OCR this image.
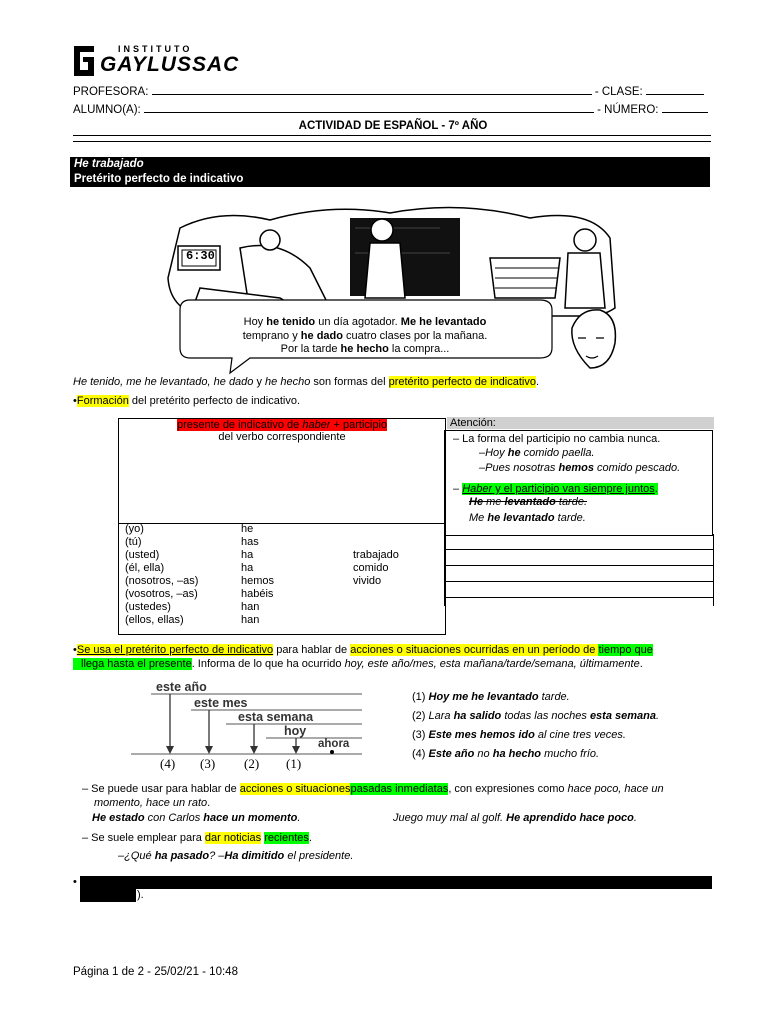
INSTITUTO
GAYLUSSAC
PROFESORA:	- CLASE:
ALUMNO(A):	- NÚMERO:
ACTIVIDAD DE ESPAÑOL - 7º AÑO
He trabajado
Pretérito perfecto de indicativo
6:30
Hoy he tenido un día agotador. Me he levantado
temprano y he dado cuatro clases por la mañana.
Por la tarde he hecho la compra...
He tenido, me he levantado, he dado y he hecho son formas del pretérito perfecto de indicativo.
•Formación del pretérito perfecto de indicativo.
presente de indicativo de haber + participio
del verbo correspondiente
(yo)	he	
(tú)	has	
(usted)	ha	trabajado
(él, ella)	ha	comido
(nosotros, –as)	hemos	vivido
(vosotros, –as)	habéis	
(ustedes)	han	
(ellos, ellas)	han	
Atención:
– La forma del participio no cambia nunca.
–Hoy he comido paella.
–Pues nosotras hemos comido pescado.
– Haber y el participio van siempre juntos.
He me levantado tarde.
Me he levantado tarde.
•Se usa el pretérito perfecto de indicativo para hablar de acciones o situaciones ocurridas en un período de tiempo que
llega hasta el presente. Informa de lo que ha ocurrido hoy, este año/mes, esta mañana/tarde/semana, últimamente.
este año
este mes
esta semana
hoy
ahora
(4) (3) (2) (1)
(1) Hoy me he levantado tarde.
(2) Lara ha salido todas las noches esta semana.
(3) Este mes hemos ido al cine tres veces.
(4) Este año no ha hecho mucho frío.
– Se puede usar para hablar de acciones o situacionespasadas inmediatas, con expresiones como hace poco, hace un
momento, hace un rato.
He estado con Carlos hace un momento.	Juego muy mal al golf. He aprendido hace poco.
– Se suele emplear para dar noticias recientes.
–¿Qué ha pasado? –Ha dimitido el presidente.
•
).
Página 1 de 2 - 25/02/21 - 10:48
